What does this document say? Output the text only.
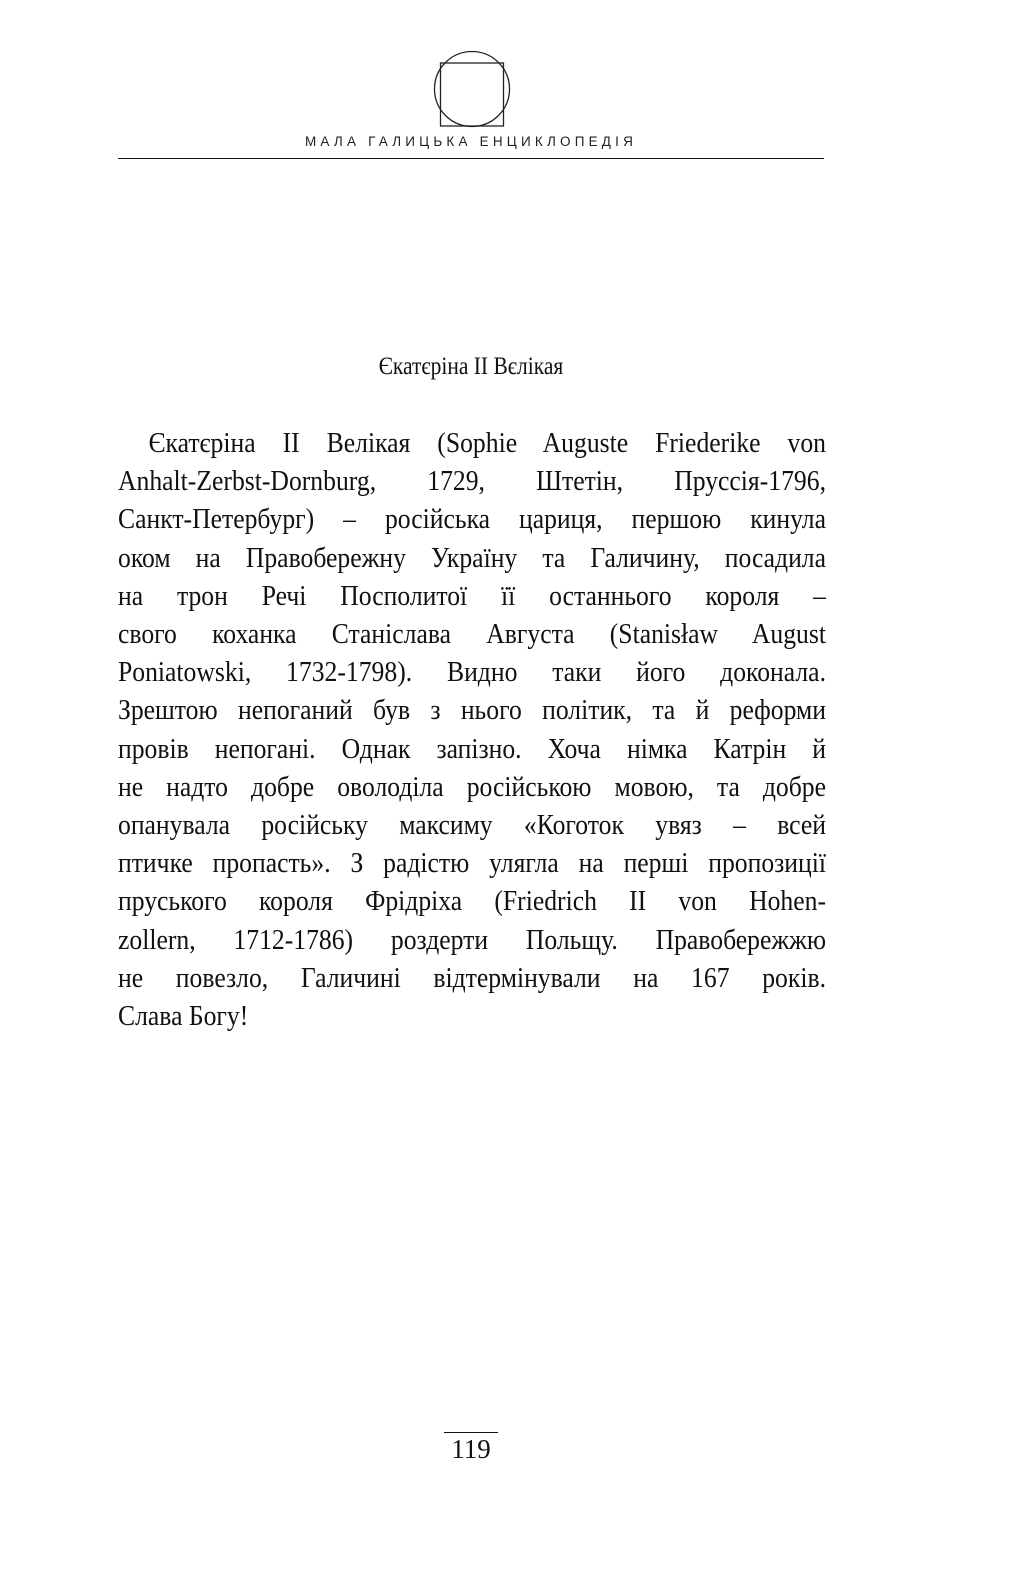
МАЛА ГАЛИЦЬКА ЕНЦИКЛОПЕДІЯ
Єкатєріна II Вєлікая
Єкатєріна II Велікая (Sophie Auguste Friederike von
Anhalt-Zerbst-Dornburg, 1729, Штетін, Пруссія-1796,
Санкт-Петербург) – російська цариця, першою кинула
оком на Правобережну Україну та Галичину, посадила
на трон Речі Посполитої її останнього короля –
свого коханка Станіслава Августа (Stanisław August
Poniatowski, 1732-1798). Видно таки його доконала.
Зрештою непоганий був з нього політик, та й реформи
провів непогані. Однак запізно. Хоча німка Катрін й
не надто добре оволоділа російською мовою, та добре
опанувала російську максиму «Коготок увяз – всей
птичке пропасть». З радістю улягла на перші пропозиції
пруського короля Фрідріха (Friedrich II von Hohen-
zollern, 1712-1786) роздерти Польщу. Правобережжю
не повезло, Галичині відтермінували на 167 років.
Слава Богу!
119
